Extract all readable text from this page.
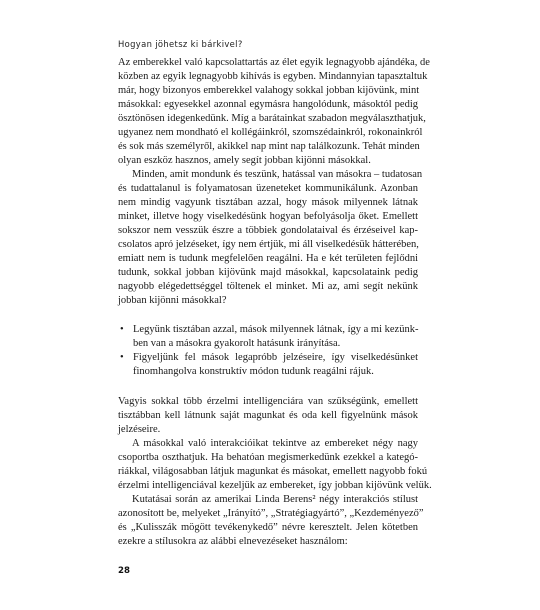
Hogyan jöhetsz ki bárkivel?
Az emberekkel való kapcsolattartás az élet egyik legnagyobb ajándéka, de
közben az egyik legnagyobb kihívás is egyben. Mindannyian tapasztaltuk
már, hogy bizonyos emberekkel valahogy sokkal jobban kijövünk, mint
másokkal: egyesekkel azonnal egymásra hangolódunk, másoktól pedig
ösztönösen idegenkedünk. Míg a barátainkat szabadon megválaszthatjuk,
ugyanez nem mondható el kollégáinkról, szomszédainkról, rokonainkról
és sok más személyről, akikkel nap mint nap találkozunk. Tehát minden
olyan eszköz hasznos, amely segít jobban kijönni másokkal.
Minden, amit mondunk és teszünk, hatással van másokra – tudatosan
és tudattalanul is folyamatosan üzeneteket kommunikálunk. Azonban
nem mindig vagyunk tisztában azzal, hogy mások milyennek látnak
minket, illetve hogy viselkedésünk hogyan befolyásolja őket. Emellett
sokszor nem vesszük észre a többiek gondolataival és érzéseivel kap-
csolatos apró jelzéseket, így nem értjük, mi áll viselkedésük hátterében,
emiatt nem is tudunk megfelelően reagálni. Ha e két területen fejlődni
tudunk, sokkal jobban kijövünk majd másokkal, kapcsolataink pedig
nagyobb elégedettséggel töltenek el minket. Mi az, ami segít nekünk
jobban kijönni másokkal?
• Legyünk tisztában azzal, mások milyennek látnak, így a mi kezünk-
ben van a másokra gyakorolt hatásunk irányítása.
• Figyeljünk fel mások legapróbb jelzéseire, így viselkedésünket
finomhangolva konstruktív módon tudunk reagálni rájuk.
Vagyis sokkal több érzelmi intelligenciára van szükségünk, emellett
tisztábban kell látnunk saját magunkat és oda kell figyelnünk mások
jelzéseire.
A másokkal való interakcióikat tekintve az embereket négy nagy
csoportba oszthatjuk. Ha behatóan megismerkedünk ezekkel a kategó-
riákkal, világosabban látjuk magunkat és másokat, emellett nagyobb fokú
érzelmi intelligenciával kezeljük az embereket, így jobban kijövünk velük.
Kutatásai során az amerikai Linda Berens² négy interakciós stílust
azonosított be, melyeket „Irányító”, „Stratégiagyártó”, „Kezdeményező”
és „Kulisszák mögött tevékenykedő” névre keresztelt. Jelen kötetben
ezekre a stílusokra az alábbi elnevezéseket használom:
28
